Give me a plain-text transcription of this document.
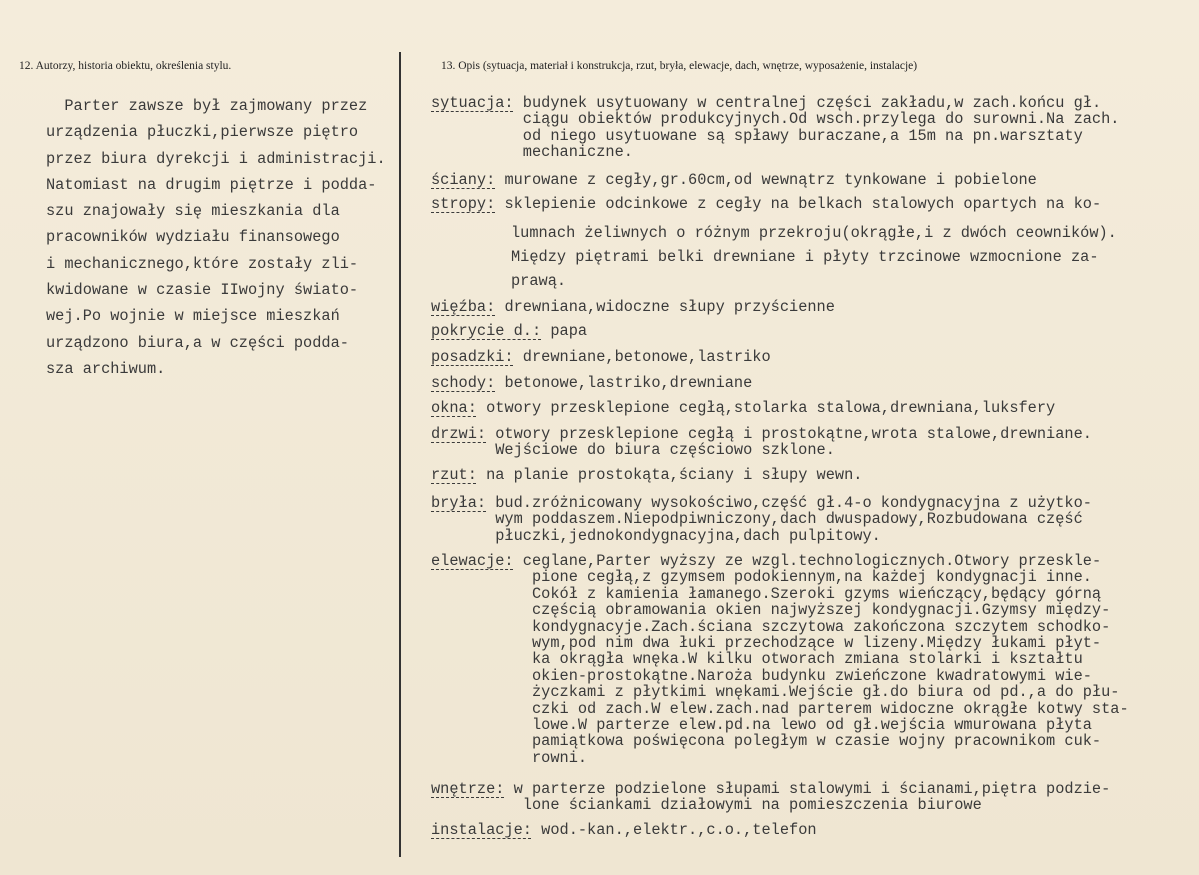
12. Autorzy, historia obiektu, określenia stylu.	13. Opis (sytuacja, materiał i konstrukcja, rzut, bryła, elewacje, dach, wnętrze, wyposażenie, instalacje)
Parter zawsze był zajmowany przez
urządzenia płuczki,pierwsze piętro
przez biura dyrekcji i administracji.
Natomiast na drugim piętrze i podda-
szu znajowały się mieszkania dla
pracowników wydziału finansowego
i mechanicznego,które zostały zli-
kwidowane w czasie IIwojny świato-
wej.Po wojnie w miejsce mieszkań
urządzono biura,a w części podda-
sza archiwum.
sytuacja: budynek usytuowany w centralnej części zakładu,w zach.końcu gł.
ciągu obiektów produkcyjnych.Od wsch.przylega do surowni.Na zach.
od niego usytuowane są spławy buraczane,a 15m na pn.warsztaty
mechaniczne.
ściany: murowane z cegły,gr.60cm,od wewnątrz tynkowane i pobielone
stropy: sklepienie odcinkowe z cegły na belkach stalowych opartych na ko-
lumnach żeliwnych o różnym przekroju(okrągłe,i z dwóch ceowników).
Między piętrami belki drewniane i płyty trzcinowe wzmocnione za-
prawą.
więźba: drewniana,widoczne słupy przyścienne
pokrycie d.: papa
posadzki: drewniane,betonowe,lastriko
schody: betonowe,lastriko,drewniane
okna: otwory przesklepione cegłą,stolarka stalowa,drewniana,luksfery
drzwi: otwory przesklepione cegłą i prostokątne,wrota stalowe,drewniane.
Wejściowe do biura częściowo szklone.
rzut: na planie prostokąta,ściany i słupy wewn.
bryła: bud.zróżnicowany wysokościwo,część gł.4-o kondygnacyjna z użytko-
wym poddaszem.Niepodpiwniczony,dach dwuspadowy,Rozbudowana część
płuczki,jednokondygnacyjna,dach pulpitowy.
elewacje: ceglane,Parter wyższy ze wzgl.technologicznych.Otwory przeskle-
pione cegłą,z gzymsem podokiennym,na każdej kondygnacji inne.
Cokół z kamienia łamanego.Szeroki gzyms wieńczący,będący górną
częścią obramowania okien najwyższej kondygnacji.Gzymsy między-
kondygnacyje.Zach.ściana szczytowa zakończona szczytem schodko-
wym,pod nim dwa łuki przechodzące w lizeny.Między łukami płyt-
ka okrągła wnęka.W kilku otworach zmiana stolarki i kształtu
okien-prostokątne.Naroża budynku zwieńczone kwadratowymi wie-
życzkami z płytkimi wnękami.Wejście gł.do biura od pd.,a do płu-
czki od zach.W elew.zach.nad parterem widoczne okrągłe kotwy sta-
lowe.W parterze elew.pd.na lewo od gł.wejścia wmurowana płyta
pamiątkowa poświęcona poległym w czasie wojny pracownikom cuk-
rowni.
wnętrze: w parterze podzielone słupami stalowymi i ścianami,piętra podzie-
lone ściankami działowymi na pomieszczenia biurowe
instalacje: wod.-kan.,elektr.,c.o.,telefon
